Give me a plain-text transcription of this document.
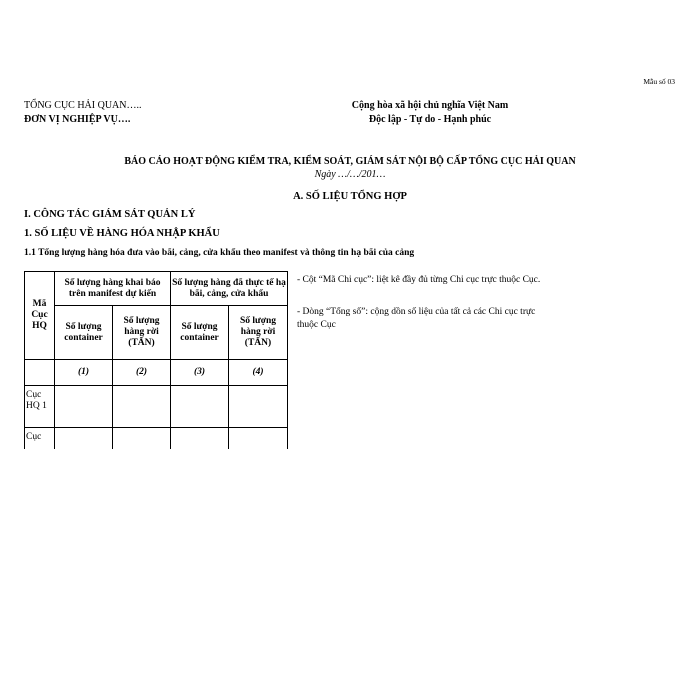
Mẫu số 03
TỔNG CỤC HẢI QUAN…..
ĐƠN VỊ NGHIỆP VỤ….
Cộng hòa xã hội chủ nghĩa Việt Nam
Độc lập - Tự do - Hạnh phúc
BÁO CÁO HOẠT ĐỘNG KIỂM TRA, KIỂM SOÁT, GIÁM SÁT NỘI BỘ CẤP TỔNG CỤC HẢI QUAN
Ngày …/…/201…
A. SỐ LIỆU TỔNG HỢP
I. CÔNG TÁC GIÁM SÁT QUẢN LÝ
1. SỐ LIỆU VỀ HÀNG HÓA NHẬP KHẨU
1.1 Tổng lượng hàng hóa đưa vào bãi, cảng, cửa khẩu theo manifest và thông tin hạ bãi của cảng
Mã Cục HQ	Số lượng hàng khai báo trên manifest dự kiến		Số lượng hàng đã thực tế hạ bãi, cảng, cửa khẩu	
	Số lượng container	Số lượng hàng rời (TẤN)	Số lượng container	Số lượng hàng rời (TẤN)
	(1)	(2)	(3)	(4)
Cục HQ 1				
Cục				
- Cột “Mã Chi cục”: liệt kê đầy đủ từng Chi cục trực thuộc Cục.
- Dòng “Tổng số”: cộng dồn số liệu của tất cả các Chi cục trực thuộc Cục
